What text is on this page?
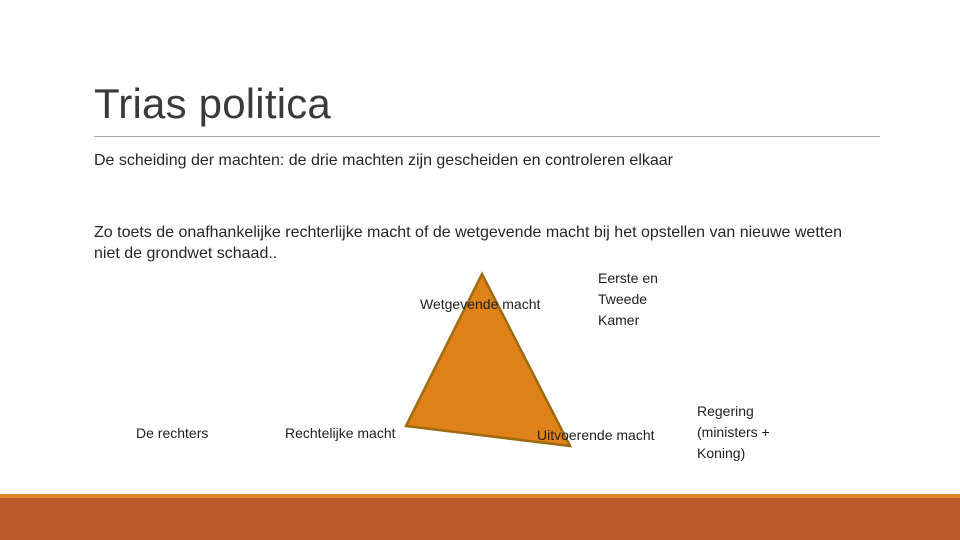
Trias politica
De scheiding der machten: de drie machten zijn gescheiden en controleren elkaar
Zo toets de onafhankelijke rechterlijke macht of de wetgevende macht bij het opstellen van nieuwe wetten niet de grondwet schaad..
Wetgevende macht
Eerste en Tweede Kamer
Rechtelijke macht
De rechters	Uitvoerende macht
Regering (ministers + Koning)
